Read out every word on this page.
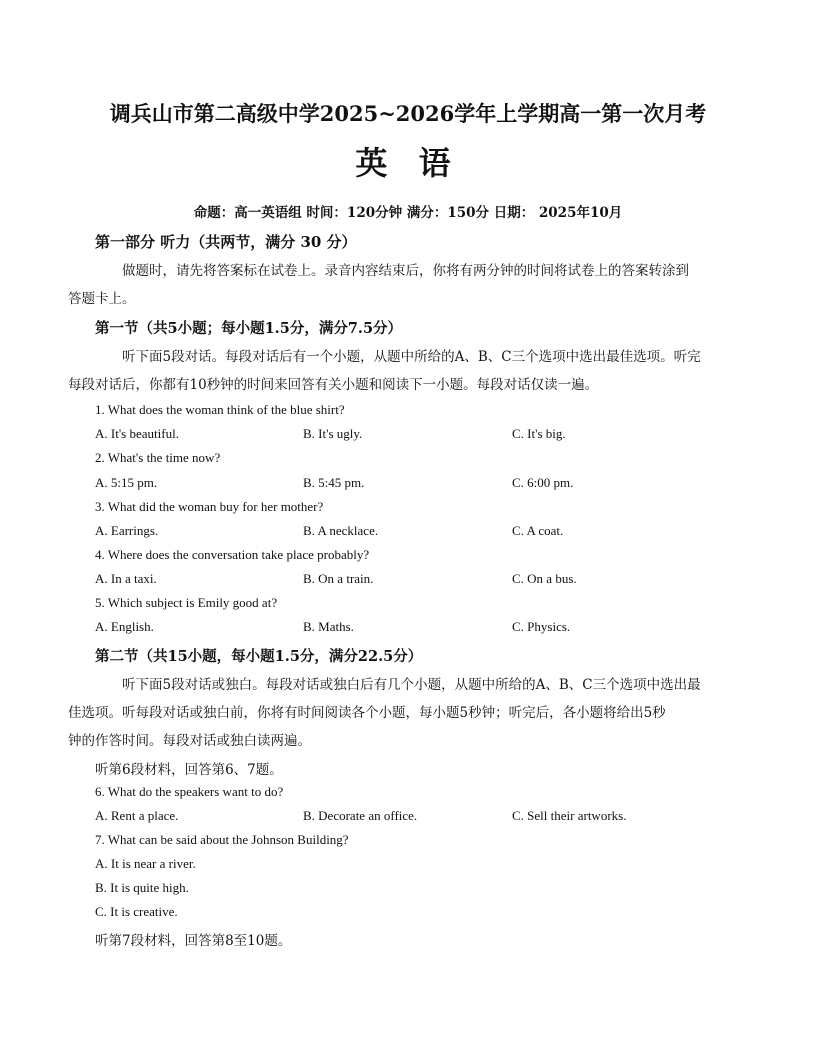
调兵山市第二高级中学2025~2026学年上学期高一第一次月考
英 语
命题：高一英语组 时间：120分钟 满分：150分 日期： 2025年10月
第一部分 听力（共两节，满分 30 分）
做题时，请先将答案标在试卷上。录音内容结束后，你将有两分钟的时间将试卷上的答案转涂到
答题卡上。
第一节（共5小题；每小题1.5分，满分7.5分）
听下面5段对话。每段对话后有一个小题，从题中所给的A、B、C三个选项中选出最佳选项。听完
每段对话后，你都有10秒钟的时间来回答有关小题和阅读下一小题。每段对话仅读一遍。
1. What does the woman think of the blue shirt?
A. It's beautiful.	B. It's ugly.	C. It's big.
2. What's the time now?
A. 5:15 pm.	B. 5:45 pm.	C. 6:00 pm.
3. What did the woman buy for her mother?
A. Earrings.	B. A necklace.	C. A coat.
4. Where does the conversation take place probably?
A. In a taxi.	B. On a train.	C. On a bus.
5. Which subject is Emily good at?
A. English.	B. Maths.	C. Physics.
第二节（共15小题，每小题1.5分，满分22.5分）
听下面5段对话或独白。每段对话或独白后有几个小题，从题中所给的A、B、C三个选项中选出最
佳选项。听每段对话或独白前，你将有时间阅读各个小题，每小题5秒钟；听完后，各小题将给出5秒
钟的作答时间。每段对话或独白读两遍。
听第6段材料，回答第6、7题。
6. What do the speakers want to do?
A. Rent a place.	B. Decorate an office.	C. Sell their artworks.
7. What can be said about the Johnson Building?
A. It is near a river.
B. It is quite high.
C. It is creative.
听第7段材料，回答第8至10题。
